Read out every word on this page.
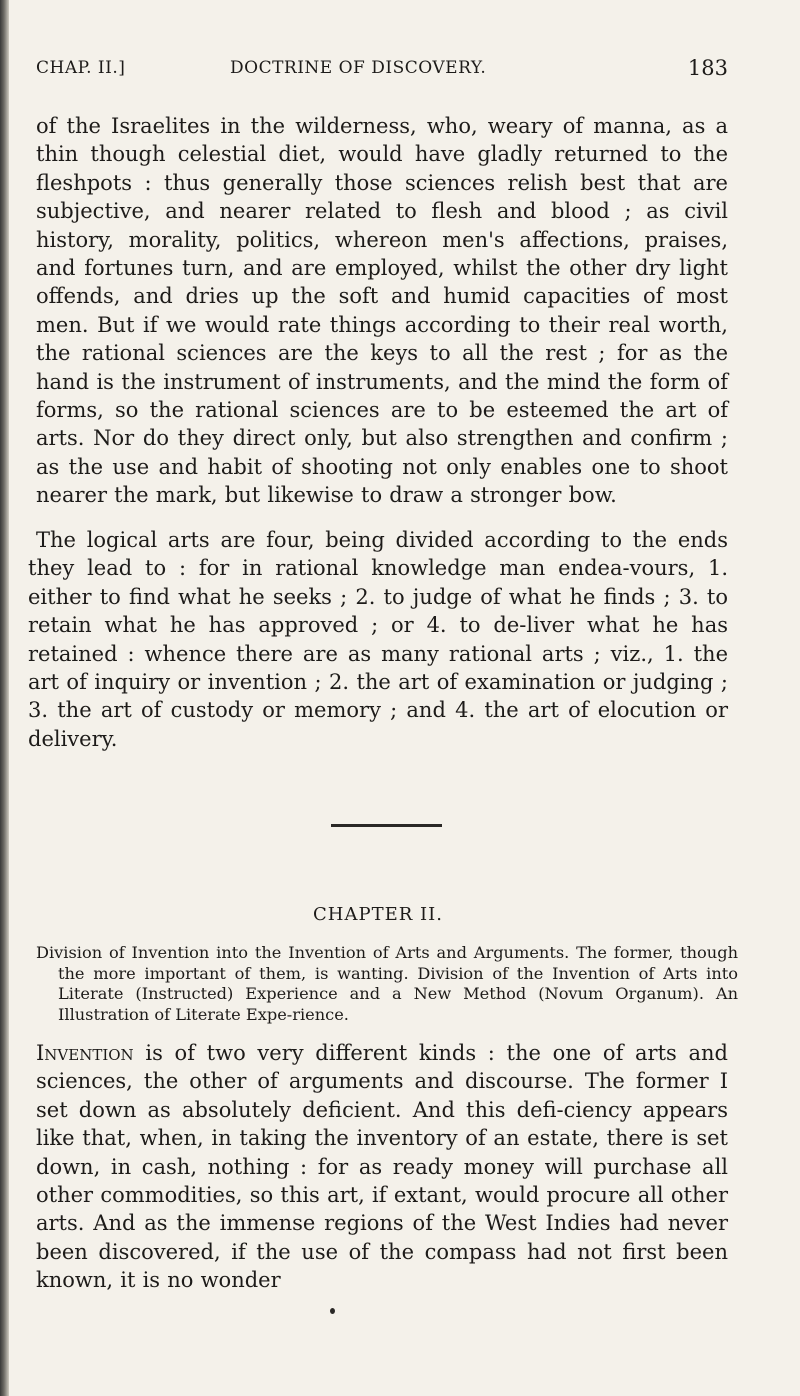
CHAP. II.]	DOCTRINE OF DISCOVERY.	183

of the Israelites in the wilderness, who, weary of manna, as a thin though celestial diet, would have gladly returned to the fleshpots : thus generally those sciences relish best that are subjective, and nearer related to flesh and blood ; as civil history, morality, politics, whereon men's affections, praises, and fortunes turn, and are employed, whilst the other dry light offends, and dries up the soft and humid capacities of most men. But if we would rate things according to their real worth, the rational sciences are the keys to all the rest ; for as the hand is the instrument of instruments, and the mind the form of forms, so the rational sciences are to be esteemed the art of arts. Nor do they direct only, but also strengthen and confirm ; as the use and habit of shooting not only enables one to shoot nearer the mark, but likewise to draw a stronger bow.

The logical arts are four, being divided according to the ends they lead to : for in rational knowledge man endea-vours, 1. either to find what he seeks ; 2. to judge of what he finds ; 3. to retain what he has approved ; or 4. to de-liver what he has retained : whence there are as many rational arts ; viz., 1. the art of inquiry or invention ; 2. the art of examination or judging ; 3. the art of custody or memory ; and 4. the art of elocution or delivery.

CHAPTER II.

Division of Invention into the Invention of Arts and Arguments. The former, though the more important of them, is wanting. Division of the Invention of Arts into Literate (Instructed) Experience and a New Method (Novum Organum). An Illustration of Literate Expe-rience.

Invention is of two very different kinds : the one of arts and sciences, the other of arguments and discourse. The former I set down as absolutely deficient. And this defi-ciency appears like that, when, in taking the inventory of an estate, there is set down, in cash, nothing : for as ready money will purchase all other commodities, so this art, if extant, would procure all other arts. And as the immense regions of the West Indies had never been discovered, if the use of the compass had not first been known, it is no wonder
